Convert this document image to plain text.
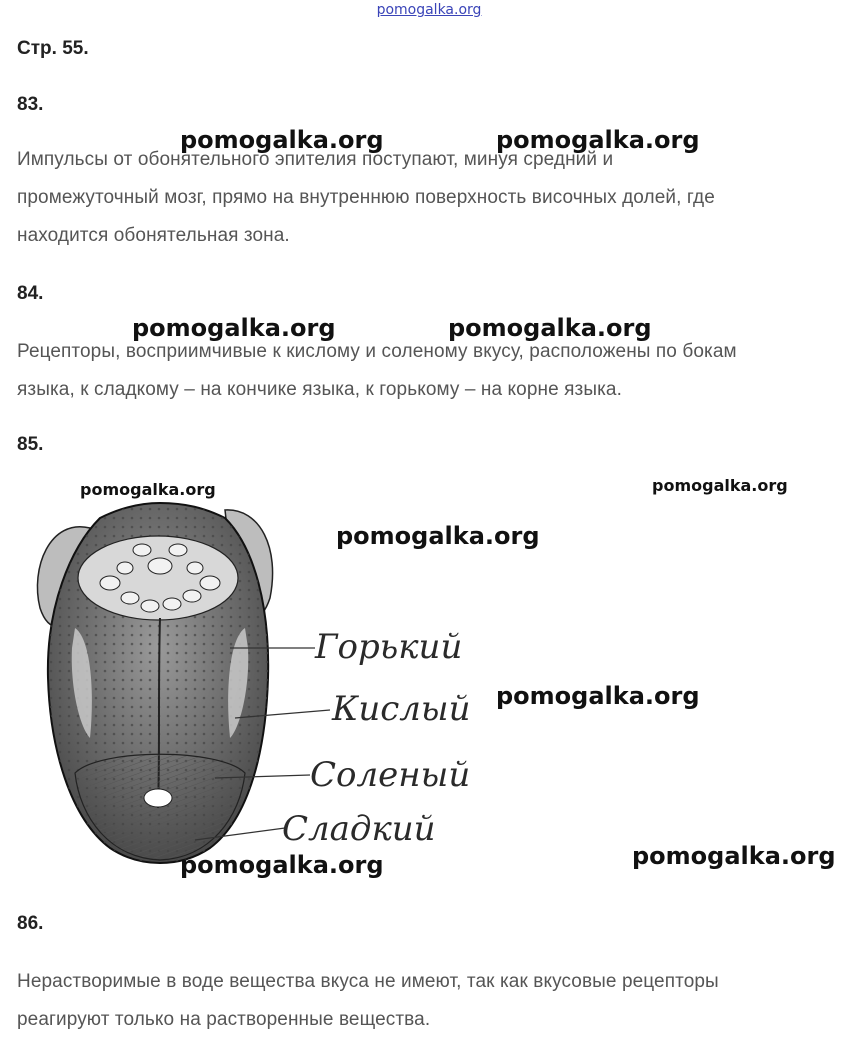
pomogalka.org
Стр. 55.
83.
Импульсы от обонятельного эпителия поступают, минуя средний и
промежуточный мозг, прямо на внутреннюю поверхность височных долей, где
находится обонятельная зона.
84.
Рецепторы, восприимчивые к кислому и соленому вкусу, расположены по бокам
языка, к сладкому – на кончике языка, к горькому – на корне языка.
85.
Горький
Кислый
Соленый
Сладкий
86.
Нерастворимые в воде вещества вкуса не имеют, так как вкусовые рецепторы
реагируют только на растворенные вещества.
pomogalka.org	pomogalka.org
pomogalka.org	pomogalka.org
pomogalka.org	pomogalka.org
pomogalka.org
pomogalka.org
pomogalka.org	pomogalka.org
